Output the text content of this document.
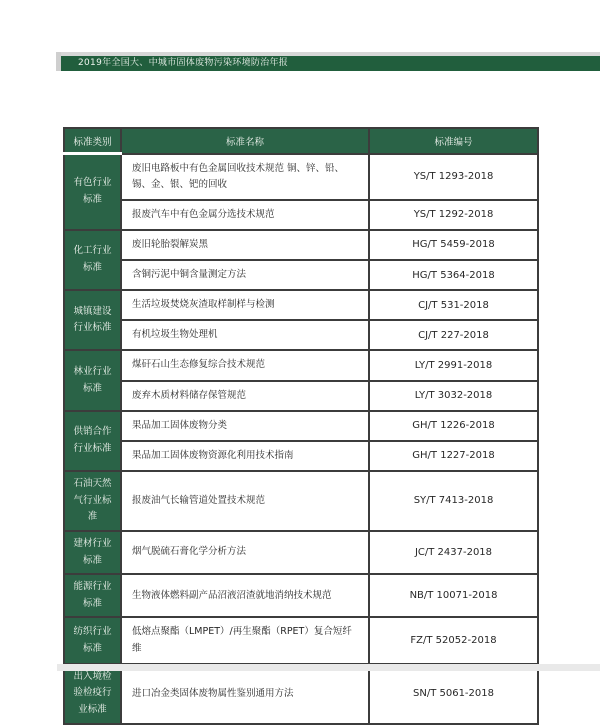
2019年全国大、中城市固体废物污染环境防治年报
标准类别	标准名称	标准编号
有色行业标准	废旧电路板中有色金属回收技术规范 铜、锌、铅、锡、金、银、钯的回收	YS/T 1293-2018
	报废汽车中有色金属分选技术规范	YS/T 1292-2018
化工行业标准	废旧轮胎裂解炭黑	HG/T 5459-2018
	含铜污泥中铜含量测定方法	HG/T 5364-2018
城镇建设行业标准	生活垃圾焚烧灰渣取样制样与检测	CJ/T 531-2018
	有机垃圾生物处理机	CJ/T 227-2018
林业行业标准	煤矸石山生态修复综合技术规范	LY/T 2991-2018
	废弃木质材料储存保管规范	LY/T 3032-2018
供销合作行业标准	果品加工固体废物分类	GH/T 1226-2018
	果品加工固体废物资源化利用技术指南	GH/T 1227-2018
石油天然气行业标准	报废油气长输管道处置技术规范	SY/T 7413-2018
建材行业标准	烟气脱硫石膏化学分析方法	JC/T 2437-2018
能源行业标准	生物液体燃料副产品沼液沼渣就地消纳技术规范	NB/T 10071-2018
纺织行业标准	低熔点聚酯（LMPET）/再生聚酯（RPET）复合短纤维	FZ/T 52052-2018
出入境检验检疫行业标准	进口冶金类固体废物属性鉴别通用方法	SN/T 5061-2018
